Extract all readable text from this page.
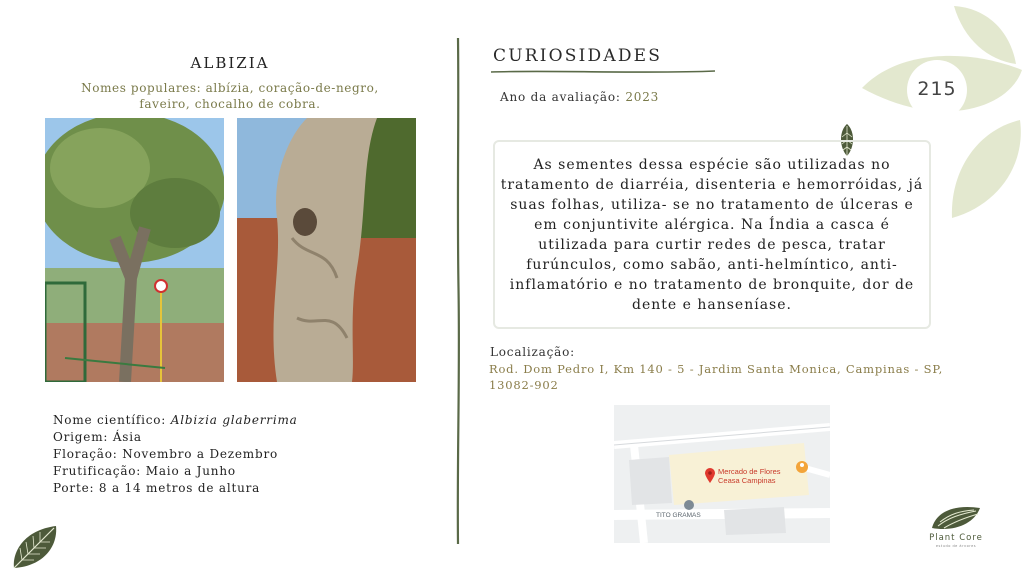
215
ALBIZIA
Nomes populares: albízia, coração-de-negro, faveiro, chocalho de cobra.
Nome científico: Albizia glaberrima
Origem: Ásia
Floração: Novembro a Dezembro
Frutificação: Maio a Junho
Porte: 8 a 14 metros de altura
CURIOSIDADES
Ano da avaliação: 2023
As sementes dessa espécie são utilizadas no tratamento de diarréia, disenteria e hemorróidas, já suas folhas, utiliza- se no tratamento de úlceras e em conjuntivite alérgica. Na Índia a casca é utilizada para curtir redes de pesca, tratar furúnculos, como sabão, anti-helmíntico, anti-inflamatório e no tratamento de bronquite, dor de dente e hanseníase.
Localização:
Rod. Dom Pedro I, Km 140 - 5 - Jardim Santa Monica, Campinas - SP, 13082-902
Mercado de Flores
Ceasa Campinas
TITO GRAMAS
Plant Core
estudo de árvores
